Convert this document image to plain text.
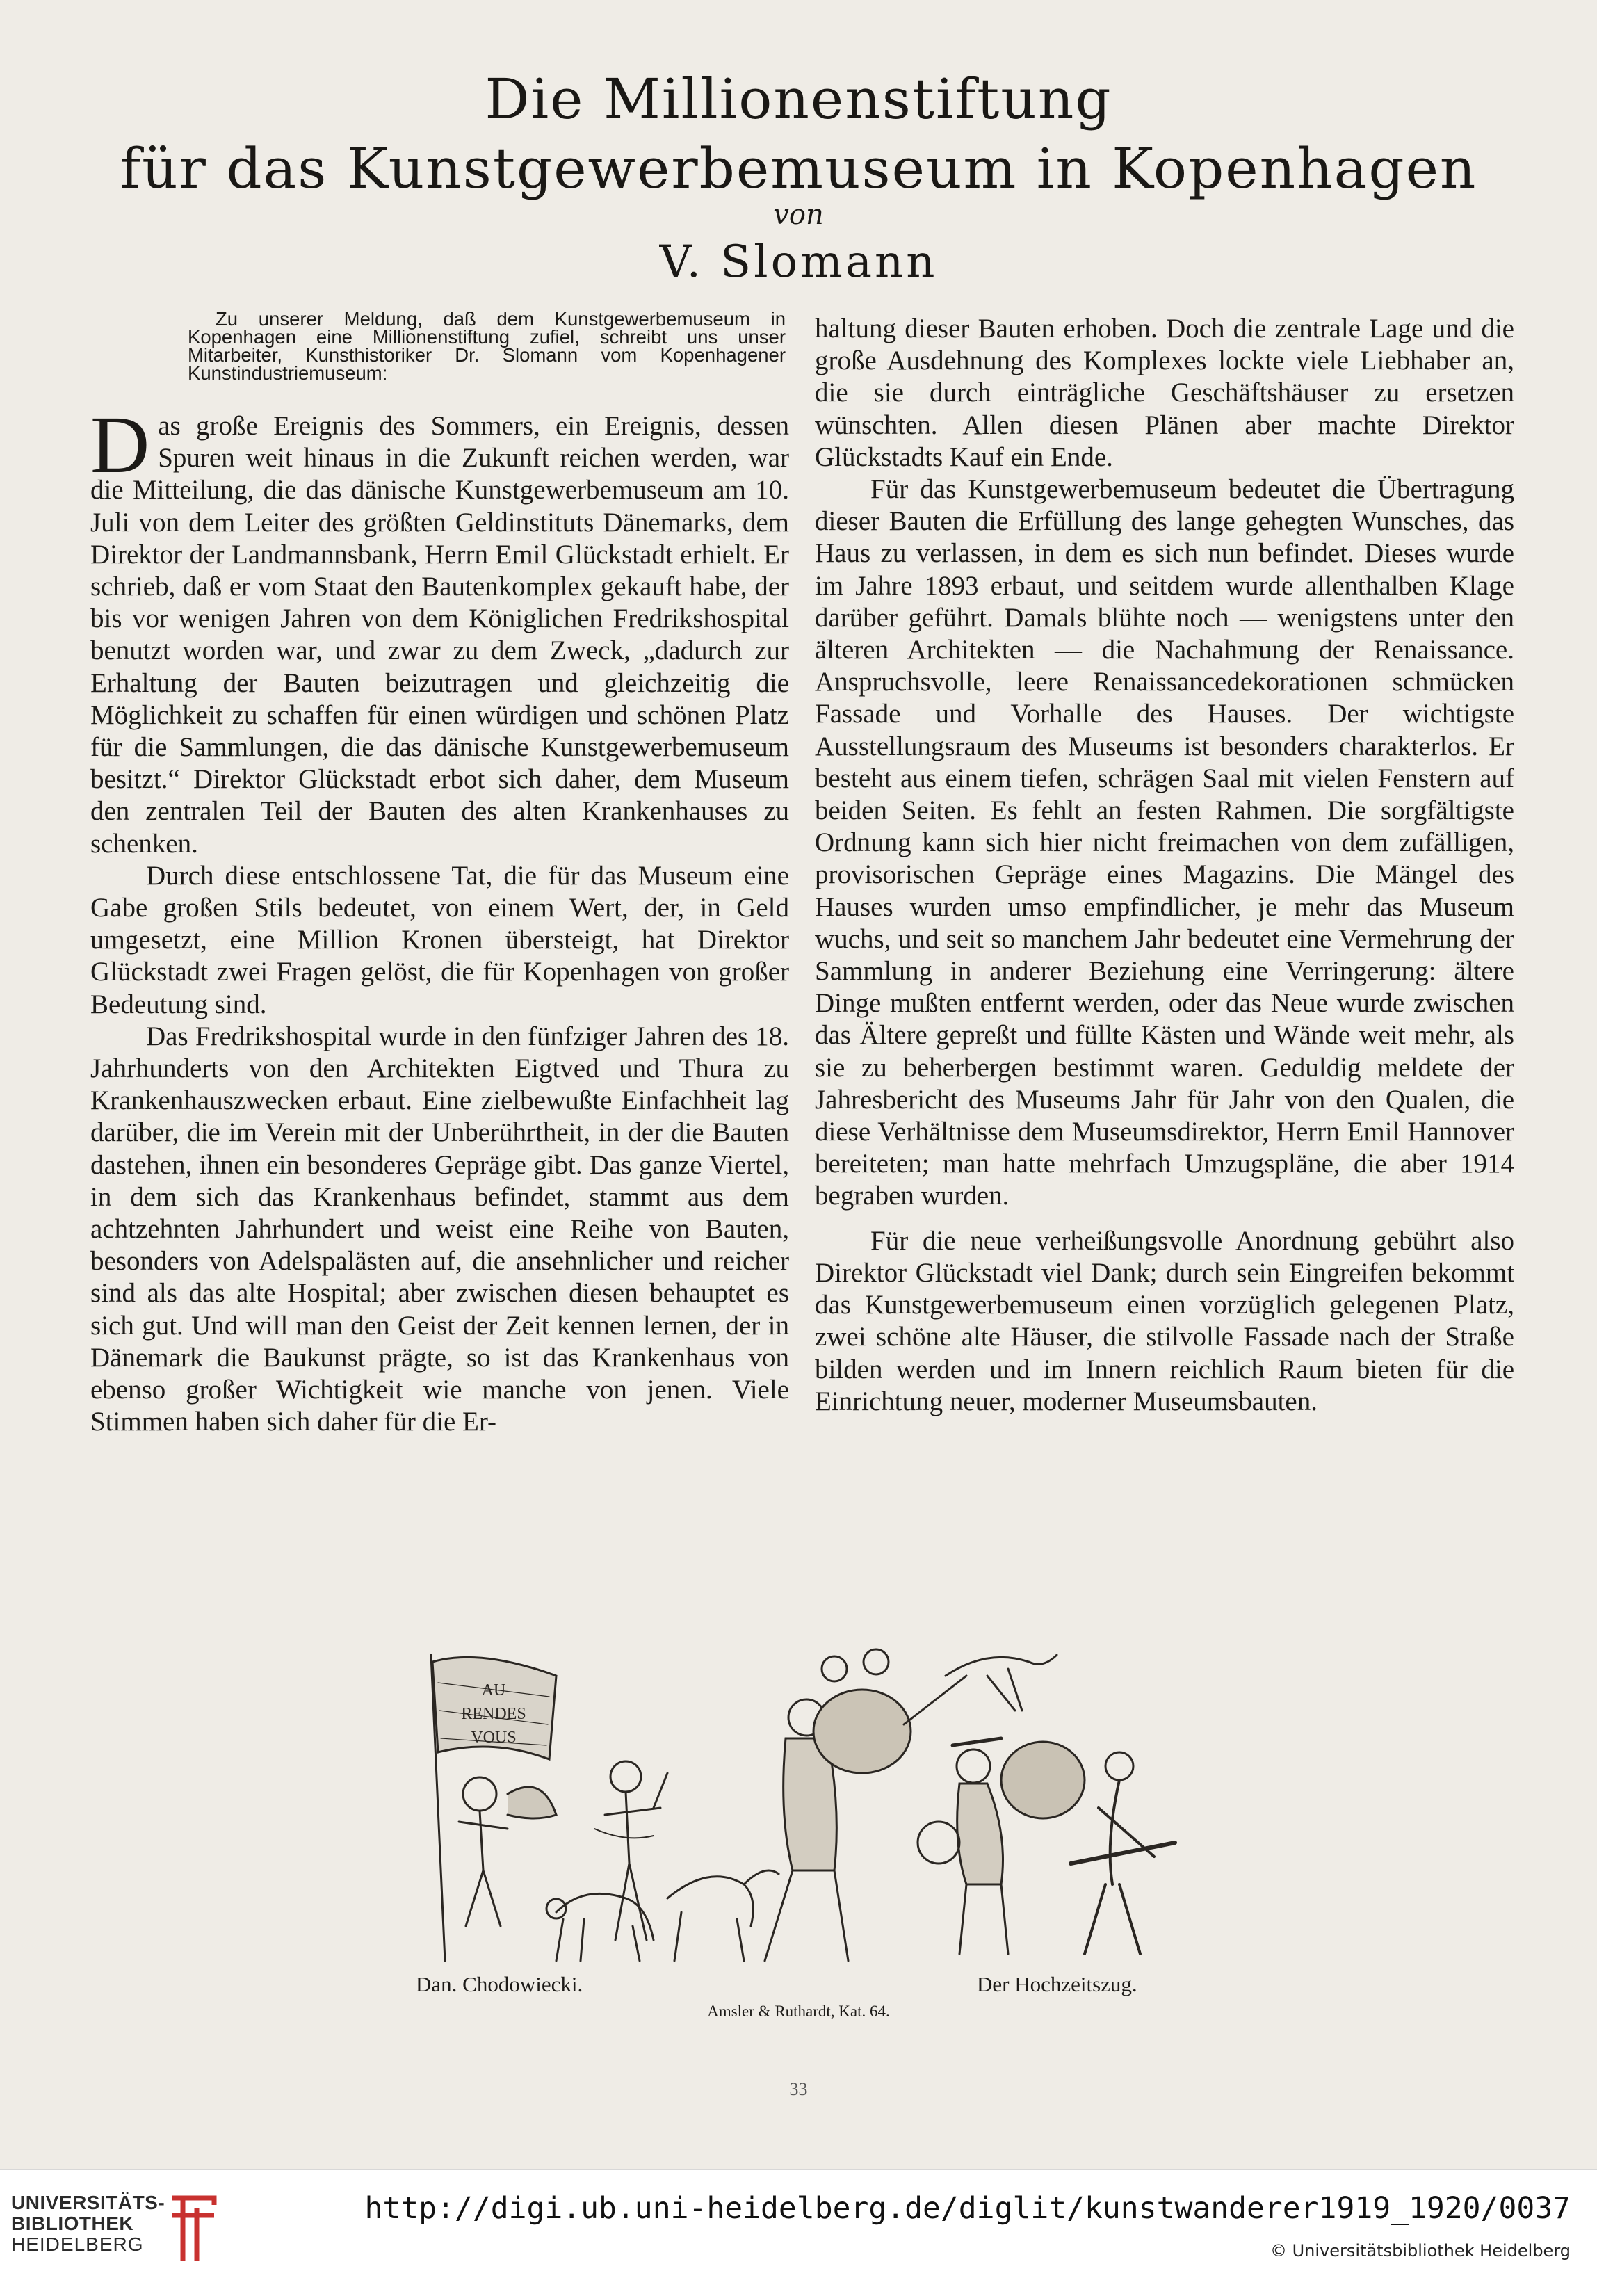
Die Millionenstiftung
für das Kunstgewerbemuseum in Kopenhagen
von
V. Slomann

Zu unserer Meldung, daß dem Kunstgewerbemuseum in Kopenhagen eine Millionenstiftung zufiel, schreibt uns unser Mitarbeiter, Kunsthistoriker Dr. Slomann vom Kopenhagener Kunstindustriemuseum:

Das große Ereignis des Sommers, ein Ereignis, dessen Spuren weit hinaus in die Zukunft reichen werden, war die Mitteilung, die das dänische Kunstgewerbemuseum am 10. Juli von dem Leiter des größten Geldinstituts Dänemarks, dem Direktor der Landmannsbank, Herrn Emil Glückstadt erhielt. Er schrieb, daß er vom Staat den Bautenkomplex gekauft habe, der bis vor wenigen Jahren von dem Königlichen Fredrikshospital benutzt worden war, und zwar zu dem Zweck, „dadurch zur Erhaltung der Bauten beizutragen und gleichzeitig die Möglichkeit zu schaffen für einen würdigen und schönen Platz für die Sammlungen, die das dänische Kunstgewerbemuseum besitzt.“ Direktor Glückstadt erbot sich daher, dem Museum den zentralen Teil der Bauten des alten Krankenhauses zu schenken.

Durch diese entschlossene Tat, die für das Museum eine Gabe großen Stils bedeutet, von einem Wert, der, in Geld umgesetzt, eine Million Kronen übersteigt, hat Direktor Glückstadt zwei Fragen gelöst, die für Kopenhagen von großer Bedeutung sind.

Das Fredrikshospital wurde in den fünfziger Jahren des 18. Jahrhunderts von den Architekten Eigtved und Thura zu Krankenhauszwecken erbaut. Eine zielbewußte Einfachheit lag darüber, die im Verein mit der Unberührtheit, in der die Bauten dastehen, ihnen ein besonderes Gepräge gibt. Das ganze Viertel, in dem sich das Krankenhaus befindet, stammt aus dem achtzehnten Jahrhundert und weist eine Reihe von Bauten, besonders von Adelspalästen auf, die ansehnlicher und reicher sind als das alte Hospital; aber zwischen diesen behauptet es sich gut. Und will man den Geist der Zeit kennen lernen, der in Dänemark die Baukunst prägte, so ist das Krankenhaus von ebenso großer Wichtigkeit wie manche von jenen. Viele Stimmen haben sich daher für die Er-

haltung dieser Bauten erhoben. Doch die zentrale Lage und die große Ausdehnung des Komplexes lockte viele Liebhaber an, die sie durch einträgliche Geschäftshäuser zu ersetzen wünschten. Allen diesen Plänen aber machte Direktor Glückstadts Kauf ein Ende.

Für das Kunstgewerbemuseum bedeutet die Übertragung dieser Bauten die Erfüllung des lange gehegten Wunsches, das Haus zu verlassen, in dem es sich nun befindet. Dieses wurde im Jahre 1893 erbaut, und seitdem wurde allenthalben Klage darüber geführt. Damals blühte noch — wenigstens unter den älteren Architekten — die Nachahmung der Renaissance. Anspruchsvolle, leere Renaissancedekorationen schmücken Fassade und Vorhalle des Hauses. Der wichtigste Ausstellungsraum des Museums ist besonders charakterlos. Er besteht aus einem tiefen, schrägen Saal mit vielen Fenstern auf beiden Seiten. Es fehlt an festen Rahmen. Die sorgfältigste Ordnung kann sich hier nicht freimachen von dem zufälligen, provisorischen Gepräge eines Magazins. Die Mängel des Hauses wurden umso empfindlicher, je mehr das Museum wuchs, und seit so manchem Jahr bedeutet eine Vermehrung der Sammlung in anderer Beziehung eine Verringerung: ältere Dinge mußten entfernt werden, oder das Neue wurde zwischen das Ältere gepreßt und füllte Kästen und Wände weit mehr, als sie zu beherbergen bestimmt waren. Geduldig meldete der Jahresbericht des Museums Jahr für Jahr von den Qualen, die diese Verhältnisse dem Museumsdirektor, Herrn Emil Hannover bereiteten; man hatte mehrfach Umzugspläne, die aber 1914 begraben wurden.

Für die neue verheißungsvolle Anordnung gebührt also Direktor Glückstadt viel Dank; durch sein Eingreifen bekommt das Kunstgewerbemuseum einen vorzüglich gelegenen Platz, zwei schöne alte Häuser, die stilvolle Fassade nach der Straße bilden werden und im Innern reichlich Raum bieten für die Einrichtung neuer, moderner Museumsbauten.

AU
RENDES
VOUS
Dan. Chodowiecki.	Der Hochzeitszug.
Amsler & Ruthardt, Kat. 64.
33
UNIVERSITÄTS-
BIBLIOTHEK
HEIDELBERG
http://digi.ub.uni-heidelberg.de/diglit/kunstwanderer1919_1920/0037
© Universitätsbibliothek Heidelberg
